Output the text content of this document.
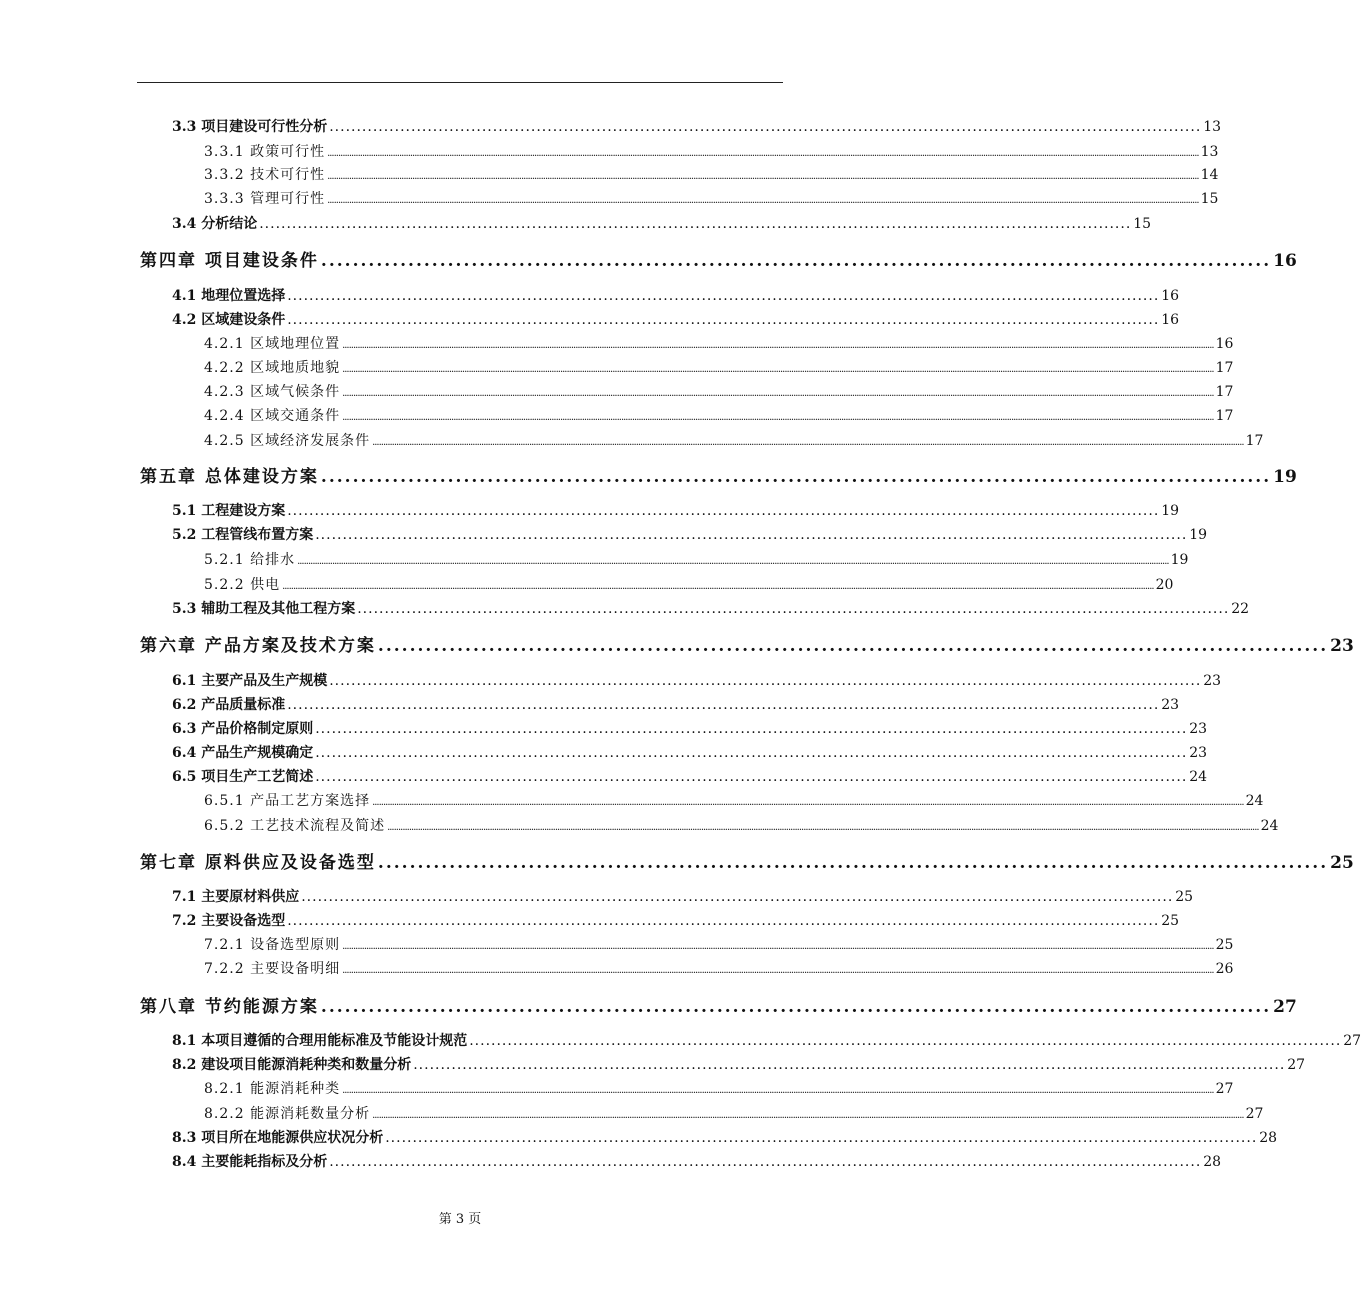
3.3 项目建设可行性分析 ................................................................................................................................................................ 13
3.3.1 政策可行性 ................................................................................................................................................................................................................................................................................................................................................................................................................ 13
3.3.2 技术可行性 ................................................................................................................................................................................................................................................................................................................................................................................................................ 14
3.3.3 管理可行性 ................................................................................................................................................................................................................................................................................................................................................................................................................ 15
3.4 分析结论 ................................................................................................................................................................ 15
第四章 项目建设条件 ........................................................................................................................ 16
4.1 地理位置选择 ................................................................................................................................................................ 16
4.2 区域建设条件 ................................................................................................................................................................ 16
4.2.1 区域地理位置 ................................................................................................................................................................................................................................................................................................................................................................................................................ 16
4.2.2 区域地质地貌 ................................................................................................................................................................................................................................................................................................................................................................................................................ 17
4.2.3 区域气候条件 ................................................................................................................................................................................................................................................................................................................................................................................................................ 17
4.2.4 区域交通条件 ................................................................................................................................................................................................................................................................................................................................................................................................................ 17
4.2.5 区域经济发展条件 ................................................................................................................................................................................................................................................................................................................................................................................................................ 17
第五章 总体建设方案 ........................................................................................................................ 19
5.1 工程建设方案 ................................................................................................................................................................ 19
5.2 工程管线布置方案 ................................................................................................................................................................ 19
5.2.1 给排水 ................................................................................................................................................................................................................................................................................................................................................................................................................ 19
5.2.2 供电 ................................................................................................................................................................................................................................................................................................................................................................................................................ 20
5.3 辅助工程及其他工程方案 ................................................................................................................................................................ 22
第六章 产品方案及技术方案 ........................................................................................................................ 23
6.1 主要产品及生产规模 ................................................................................................................................................................ 23
6.2 产品质量标准 ................................................................................................................................................................ 23
6.3 产品价格制定原则 ................................................................................................................................................................ 23
6.4 产品生产规模确定 ................................................................................................................................................................ 23
6.5 项目生产工艺简述 ................................................................................................................................................................ 24
6.5.1 产品工艺方案选择 ................................................................................................................................................................................................................................................................................................................................................................................................................ 24
6.5.2 工艺技术流程及简述 ................................................................................................................................................................................................................................................................................................................................................................................................................ 24
第七章 原料供应及设备选型 ........................................................................................................................ 25
7.1 主要原材料供应 ................................................................................................................................................................ 25
7.2 主要设备选型 ................................................................................................................................................................ 25
7.2.1 设备选型原则 ................................................................................................................................................................................................................................................................................................................................................................................................................ 25
7.2.2 主要设备明细 ................................................................................................................................................................................................................................................................................................................................................................................................................ 26
第八章 节约能源方案 ........................................................................................................................ 27
8.1 本项目遵循的合理用能标准及节能设计规范 ................................................................................................................................................................ 27
8.2 建设项目能源消耗种类和数量分析 ................................................................................................................................................................ 27
8.2.1 能源消耗种类 ................................................................................................................................................................................................................................................................................................................................................................................................................ 27
8.2.2 能源消耗数量分析 ................................................................................................................................................................................................................................................................................................................................................................................................................ 27
8.3 项目所在地能源供应状况分析 ................................................................................................................................................................ 28
8.4 主要能耗指标及分析 ................................................................................................................................................................ 28
第 3 页
